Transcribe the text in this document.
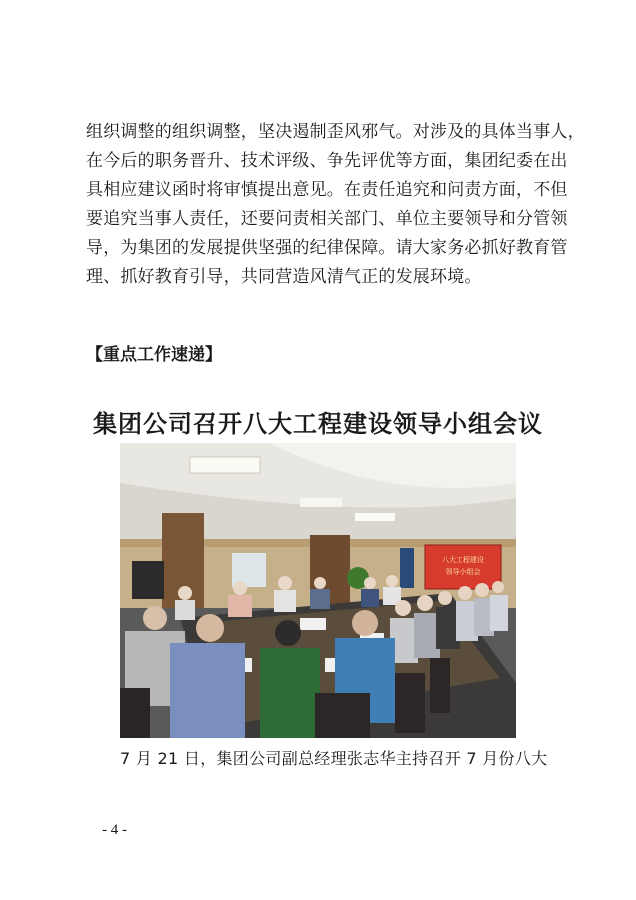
组织调整的组织调整，坚决遏制歪风邪气。对涉及的具体当事人，

在今后的职务晋升、技术评级、争先评优等方面，集团纪委在出

具相应建议函时将审慎提出意见。在责任追究和问责方面，不但

要追究当事人责任，还要问责相关部门、单位主要领导和分管领

导，为集团的发展提供坚强的纪律保障。请大家务必抓好教育管

理、抓好教育引导，共同营造风清气正的发展环境。

【重点工作速递】
集团公司召开八大工程建设领导小组会议
八大工程建设
领导小组会
7 月 21 日，集团公司副总经理张志华主持召开 7 月份八大
- 4 -
